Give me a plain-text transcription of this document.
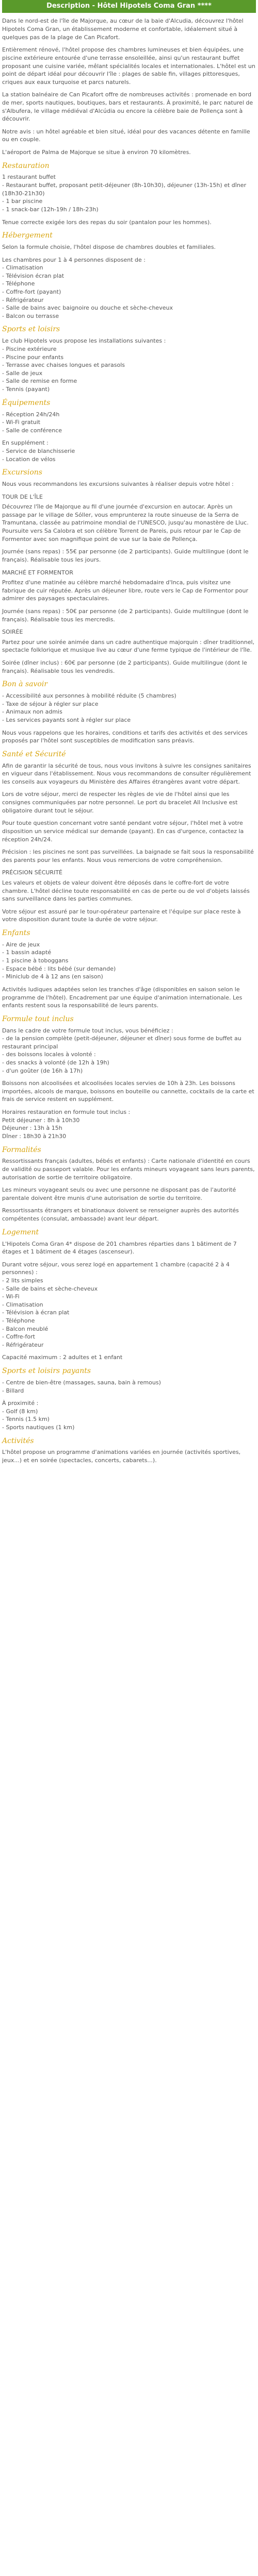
Description - Hôtel Hipotels Coma Gran ****

Dans le nord-est de l'île de Majorque, au cœur de la baie d'Alcudia, découvrez l'hôtel Hipotels Coma Gran, un établissement moderne et confortable, idéalement situé à quelques pas de la plage de Can Picafort.

Entièrement rénové, l'hôtel propose des chambres lumineuses et bien équipées, une piscine extérieure entourée d'une terrasse ensoleillée, ainsi qu'un restaurant buffet proposant une cuisine variée, mêlant spécialités locales et internationales. L'hôtel est un point de départ idéal pour découvrir l'île : plages de sable fin, villages pittoresques, criques aux eaux turquoise et parcs naturels.

La station balnéaire de Can Picafort offre de nombreuses activités : promenade en bord de mer, sports nautiques, boutiques, bars et restaurants. À proximité, le parc naturel de s'Albufera, le village médiéval d'Alcúdia ou encore la célèbre baie de Pollença sont à découvrir.

Notre avis : un hôtel agréable et bien situé, idéal pour des vacances détente en famille ou en couple.

L'aéroport de Palma de Majorque se situe à environ 70 kilomètres.

Restauration
1 restaurant buffet
- Restaurant buffet, proposant petit-déjeuner (8h-10h30), déjeuner (13h-15h) et dîner (18h30-21h30)
- 1 bar piscine
- 1 snack-bar (12h-19h / 18h-23h)

Tenue correcte exigée lors des repas du soir (pantalon pour les hommes).

Hébergement

Selon la formule choisie, l'hôtel dispose de chambres doubles et familiales.

Les chambres pour 1 à 4 personnes disposent de :
- Climatisation
- Télévision écran plat
- Téléphone
- Coffre-fort (payant)
- Réfrigérateur
- Salle de bains avec baignoire ou douche et sèche-cheveux
- Balcon ou terrasse
Sports et loisirs
Le club Hipotels vous propose les installations suivantes :
- Piscine extérieure
- Piscine pour enfants
- Terrasse avec chaises longues et parasols
- Salle de jeux
- Salle de remise en forme
- Tennis (payant)
Équipements
- Réception 24h/24h
- Wi-Fi gratuit
- Salle de conférence
En supplément :
- Service de blanchisserie
- Location de vélos
Excursions

Nous vous recommandons les excursions suivantes à réaliser depuis votre hôtel :

TOUR DE L'ÎLE

Découvrez l'île de Majorque au fil d'une journée d'excursion en autocar. Après un passage par le village de Sóller, vous emprunterez la route sinueuse de la Serra de Tramuntana, classée au patrimoine mondial de l'UNESCO, jusqu'au monastère de Lluc. Poursuite vers Sa Calobra et son célèbre Torrent de Pareis, puis retour par le Cap de Formentor avec son magnifique point de vue sur la baie de Pollença.

Journée (sans repas) : 55€ par personne (de 2 participants). Guide multilingue (dont le français). Réalisable tous les jours.

MARCHÉ ET FORMENTOR

Profitez d'une matinée au célèbre marché hebdomadaire d'Inca, puis visitez une fabrique de cuir réputée. Après un déjeuner libre, route vers le Cap de Formentor pour admirer des paysages spectaculaires.

Journée (sans repas) : 50€ par personne (de 2 participants). Guide multilingue (dont le français). Réalisable tous les mercredis.

SOIRÉE

Partez pour une soirée animée dans un cadre authentique majorquin : dîner traditionnel, spectacle folklorique et musique live au cœur d'une ferme typique de l'intérieur de l'île.

Soirée (dîner inclus) : 60€ par personne (de 2 participants). Guide multilingue (dont le français). Réalisable tous les vendredis.

Bon à savoir
- Accessibilité aux personnes à mobilité réduite (5 chambres)
- Taxe de séjour à régler sur place
- Animaux non admis
- Les services payants sont à régler sur place

Nous vous rappelons que les horaires, conditions et tarifs des activités et des services proposés par l'hôtel sont susceptibles de modification sans préavis.

Santé et Sécurité

Afin de garantir la sécurité de tous, nous vous invitons à suivre les consignes sanitaires en vigueur dans l'établissement. Nous vous recommandons de consulter régulièrement les conseils aux voyageurs du Ministère des Affaires étrangères avant votre départ.

Lors de votre séjour, merci de respecter les règles de vie de l'hôtel ainsi que les consignes communiquées par notre personnel. Le port du bracelet All Inclusive est obligatoire durant tout le séjour.

Pour toute question concernant votre santé pendant votre séjour, l'hôtel met à votre disposition un service médical sur demande (payant). En cas d'urgence, contactez la réception 24h/24.

Précision : les piscines ne sont pas surveillées. La baignade se fait sous la responsabilité des parents pour les enfants. Nous vous remercions de votre compréhension.

PRÉCISION SÉCURITÉ

Les valeurs et objets de valeur doivent être déposés dans le coffre-fort de votre chambre. L'hôtel décline toute responsabilité en cas de perte ou de vol d'objets laissés sans surveillance dans les parties communes.

Votre séjour est assuré par le tour-opérateur partenaire et l'équipe sur place reste à votre disposition durant toute la durée de votre séjour.

Enfants
- Aire de jeux
- 1 bassin adapté
- 1 piscine à toboggans
- Espace bébé : lits bébé (sur demande)
- Miniclub de 4 à 12 ans (en saison)

Activités ludiques adaptées selon les tranches d'âge (disponibles en saison selon le programme de l'hôtel). Encadrement par une équipe d'animation internationale. Les enfants restent sous la responsabilité de leurs parents.

Formule tout inclus
Dans le cadre de votre formule tout inclus, vous bénéficiez :
- de la pension complète (petit-déjeuner, déjeuner et dîner) sous forme de buffet au restaurant principal
- des boissons locales à volonté :
- des snacks à volonté (de 12h à 19h)
- d'un goûter (de 16h à 17h)

Boissons non alcoolisées et alcoolisées locales servies de 10h à 23h. Les boissons importées, alcools de marque, boissons en bouteille ou cannette, cocktails de la carte et frais de service restent en supplément.

Horaires restauration en formule tout inclus :
Petit déjeuner : 8h à 10h30
Déjeuner : 13h à 15h
Dîner : 18h30 à 21h30
Formalités

Ressortissants français (adultes, bébés et enfants) : Carte nationale d'identité en cours de validité ou passeport valable. Pour les enfants mineurs voyageant sans leurs parents, autorisation de sortie de territoire obligatoire.

Les mineurs voyageant seuls ou avec une personne ne disposant pas de l'autorité parentale doivent être munis d'une autorisation de sortie du territoire.

Ressortissants étrangers et binationaux doivent se renseigner auprès des autorités compétentes (consulat, ambassade) avant leur départ.

Logement

L'Hipotels Coma Gran 4* dispose de 201 chambres réparties dans 1 bâtiment de 7 étages et 1 bâtiment de 4 étages (ascenseur).

Durant votre séjour, vous serez logé en appartement 1 chambre (capacité 2 à 4 personnes) :
- 2 lits simples
- Salle de bains et sèche-cheveux
- Wi-Fi
- Climatisation
- Télévision à écran plat
- Téléphone
- Balcon meublé
- Coffre-fort
- Réfrigérateur

Capacité maximum : 2 adultes et 1 enfant

Sports et loisirs payants
- Centre de bien-être (massages, sauna, bain à remous)
- Billard
À proximité :
- Golf (8 km)
- Tennis (1.5 km)
- Sports nautiques (1 km)
Activités

L'hôtel propose un programme d'animations variées en journée (activités sportives, jeux...) et en soirée (spectacles, concerts, cabarets...).
